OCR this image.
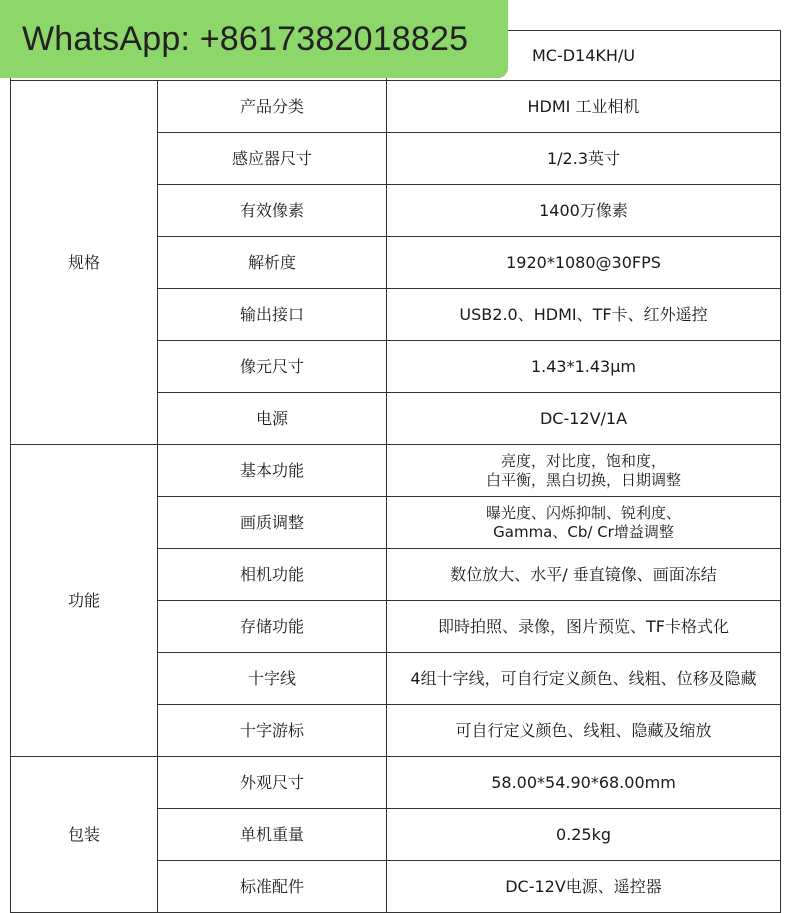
		MC-D14KH/U
规格	产品分类	HDMI 工业相机
	感应器尺寸	1/2.3英寸
	有效像素	1400万像素
	解析度	1920*1080@30FPS
	输出接口	USB2.0、HDMI、TF卡、红外遥控
	像元尺寸	1.43*1.43μm
	电源	DC-12V/1A
功能	基本功能	亮度，对比度，饱和度，
白平衡，黑白切换，日期调整

	画质调整	曝光度、闪烁抑制、锐利度、
Gamma、Cb/ Cr增益调整

	相机功能	数位放大、水平/ 垂直镜像、画面冻结
	存储功能	即時拍照、录像，图片预览、TF卡格式化
	十字线	4组十字线，可自行定义颜色、线粗、位移及隐藏
	十字游标	可自行定义颜色、线粗、隐藏及缩放
包装	外观尺寸	58.00*54.90*68.00mm
	单机重量	0.25kg
	标准配件	DC-12V电源、遥控器
WhatsApp: +8617382018825
